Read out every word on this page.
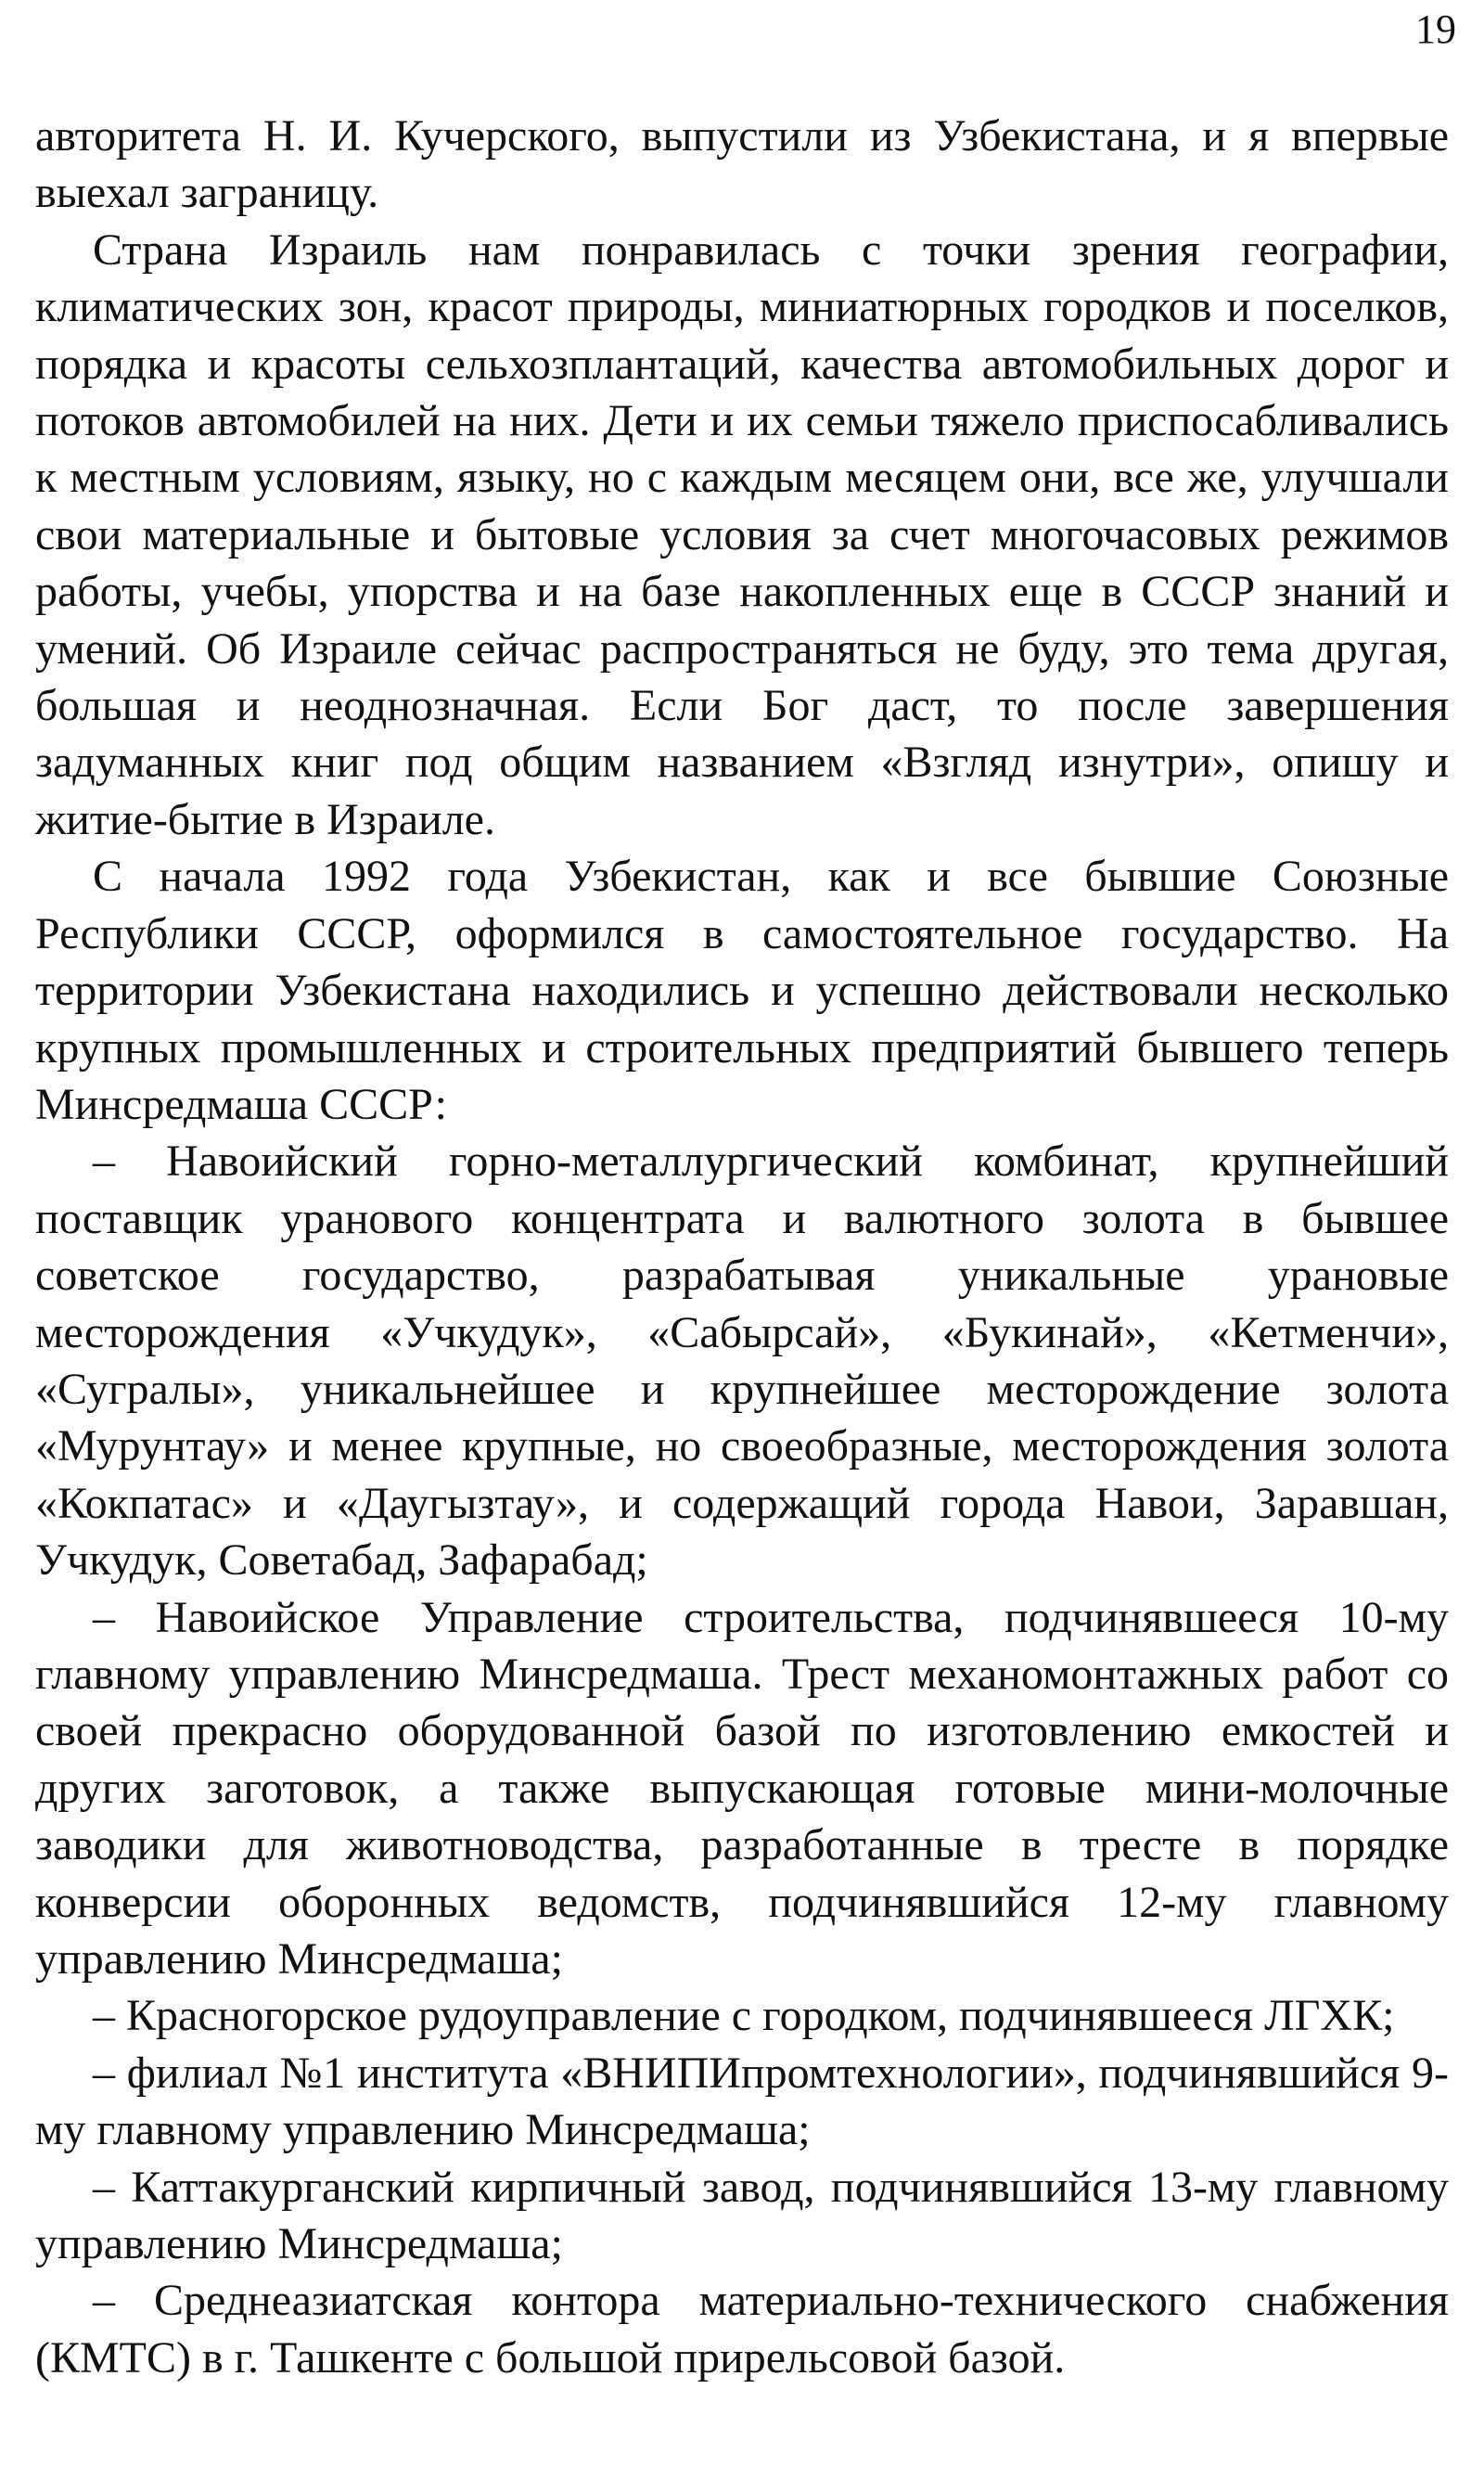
19

авторитета Н. И. Кучерского, выпустили из Узбекистана, и я впервые выехал заграницу.

Страна Израиль нам понравилась с точки зрения географии, климатических зон, красот природы, миниатюрных городков и поселков, порядка и красоты сельхозплантаций, качества автомобильных дорог и потоков автомобилей на них. Дети и их семьи тяжело приспосабливались к местным условиям, языку, но с каждым месяцем они, все же, улучшали свои материальные и бытовые условия за счет многочасовых режимов работы, учебы, упорства и на базе накопленных еще в СССР знаний и умений. Об Израиле сейчас распространяться не буду, это тема другая, большая и неоднозначная. Если Бог даст, то после завершения задуманных книг под общим названием «Взгляд изнутри», опишу и житие-бытие в Израиле.

С начала 1992 года Узбекистан, как и все бывшие Союзные Республики СССР, оформился в самостоятельное государство. На территории Узбекистана находились и успешно действовали несколько крупных промышленных и строительных предприятий бывшего теперь Минсредмаша СССР:

– Навоийский горно-металлургический комбинат, крупнейший поставщик уранового концентрата и валютного золота в бывшее советское государство, разрабатывая уникальные урановые месторождения «Учкудук», «Сабырсай», «Букинай», «Кетменчи», «Сугралы», уникальнейшее и крупнейшее месторождение золота «Мурунтау» и менее крупные, но своеобразные, месторождения золота «Кокпатас» и «Даугызтау», и содержащий города Навои, Заравшан, Учкудук, Советабад, Зафарабад;

– Навоийское Управление строительства, подчинявшееся 10-му главному управлению Минсредмаша. Трест механомонтажных работ со своей прекрасно оборудованной базой по изготовлению емкостей и других заготовок, а также выпускающая готовые мини-молочные заводики для животноводства, разработанные в тресте в порядке конверсии оборонных ведомств, подчинявшийся 12-му главному управлению Минсредмаша;

– Красногорское рудоуправление с городком, подчинявшееся ЛГХК;

– филиал №1 института «ВНИПИпромтехнологии», подчинявшийся 9-му главному управлению Минсредмаша;

– Каттакурганский кирпичный завод, подчинявшийся 13-му главному управлению Минсредмаша;

– Среднеазиатская контора материально-технического снабжения (КМТС) в г. Ташкенте с большой прирельсовой базой.
